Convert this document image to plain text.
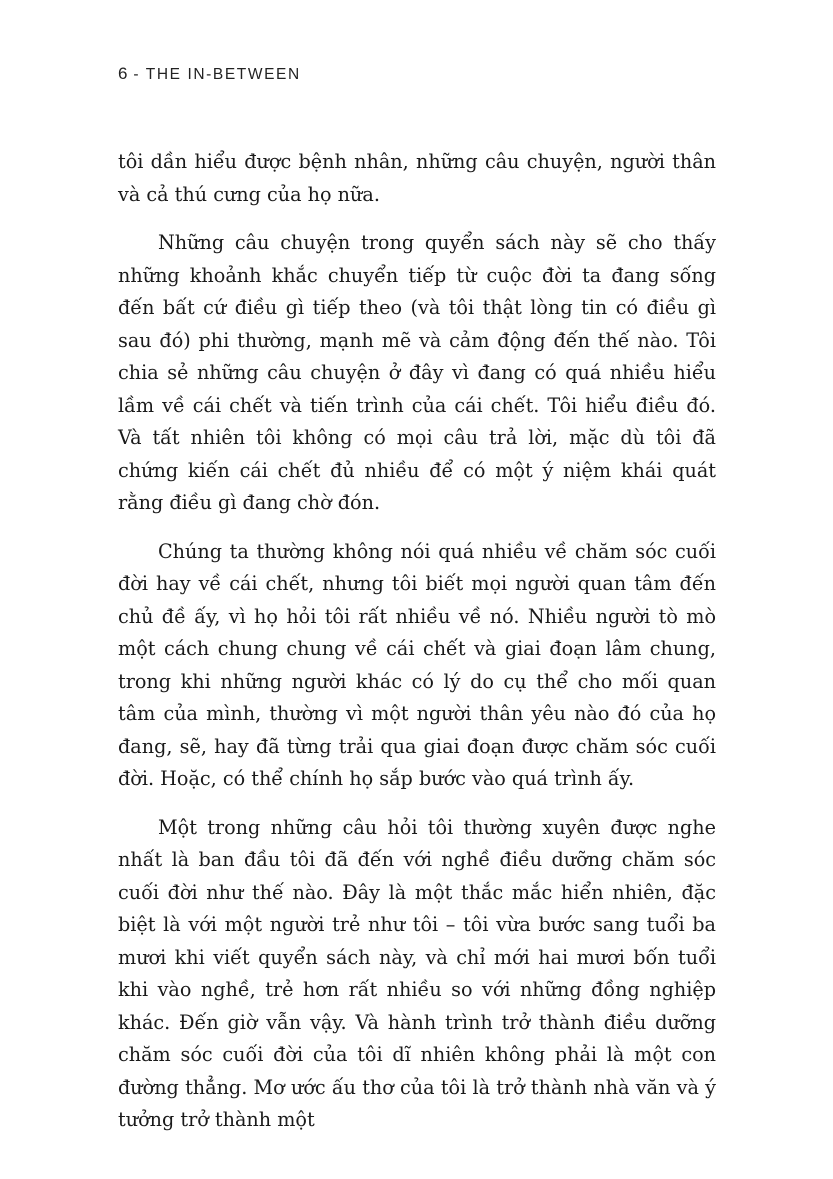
6 - THE IN-BETWEEN

tôi dần hiểu được bệnh nhân, những câu chuyện, người thân và cả thú cưng của họ nữa.

Những câu chuyện trong quyển sách này sẽ cho thấy những khoảnh khắc chuyển tiếp từ cuộc đời ta đang sống đến bất cứ điều gì tiếp theo (và tôi thật lòng tin có điều gì sau đó) phi thường, mạnh mẽ và cảm động đến thế nào. Tôi chia sẻ những câu chuyện ở đây vì đang có quá nhiều hiểu lầm về cái chết và tiến trình của cái chết. Tôi hiểu điều đó. Và tất nhiên tôi không có mọi câu trả lời, mặc dù tôi đã chứng kiến cái chết đủ nhiều để có một ý niệm khái quát rằng điều gì đang chờ đón.

Chúng ta thường không nói quá nhiều về chăm sóc cuối đời hay về cái chết, nhưng tôi biết mọi người quan tâm đến chủ đề ấy, vì họ hỏi tôi rất nhiều về nó. Nhiều người tò mò một cách chung chung về cái chết và giai đoạn lâm chung, trong khi những người khác có lý do cụ thể cho mối quan tâm của mình, thường vì một người thân yêu nào đó của họ đang, sẽ, hay đã từng trải qua giai đoạn được chăm sóc cuối đời. Hoặc, có thể chính họ sắp bước vào quá trình ấy.

Một trong những câu hỏi tôi thường xuyên được nghe nhất là ban đầu tôi đã đến với nghề điều dưỡng chăm sóc cuối đời như thế nào. Đây là một thắc mắc hiển nhiên, đặc biệt là với một người trẻ như tôi – tôi vừa bước sang tuổi ba mươi khi viết quyển sách này, và chỉ mới hai mươi bốn tuổi khi vào nghề, trẻ hơn rất nhiều so với những đồng nghiệp khác. Đến giờ vẫn vậy. Và hành trình trở thành điều dưỡng chăm sóc cuối đời của tôi dĩ nhiên không phải là một con đường thẳng. Mơ ước ấu thơ của tôi là trở thành nhà văn và ý tưởng trở thành một
